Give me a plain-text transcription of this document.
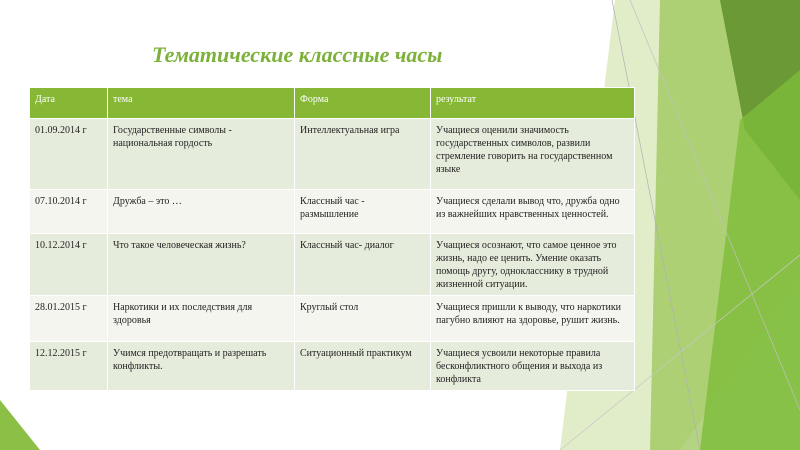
Тематические классные часы
Дата	тема	Форма	результат
01.09.2014 г	Государственные символы - национальная гордость	Интеллектуальная игра	Учащиеся оценили значимость государственных символов, развили стремление говорить на государственном языке
07.10.2014 г	Дружба – это …	Классный час - размышление	Учащиеся сделали вывод что, дружба одно из важнейших нравственных ценностей.
10.12.2014 г	Что такое человеческая жизнь?	Классный час- диалог	Учащиеся осознают, что самое ценное это жизнь, надо ее ценить. Умение оказать помощь другу, однокласснику в трудной жизненной ситуации.
28.01.2015 г	Наркотики и их последствия для здоровья	Круглый стол	Учащиеся пришли к выводу, что наркотики пагубно влияют на здоровье, рушит жизнь.
12.12.2015 г	Учимся предотвращать и разрешать конфликты.	Ситуационный практикум	Учащиеся усвоили некоторые правила бесконфликтного общения и выхода из конфликта
